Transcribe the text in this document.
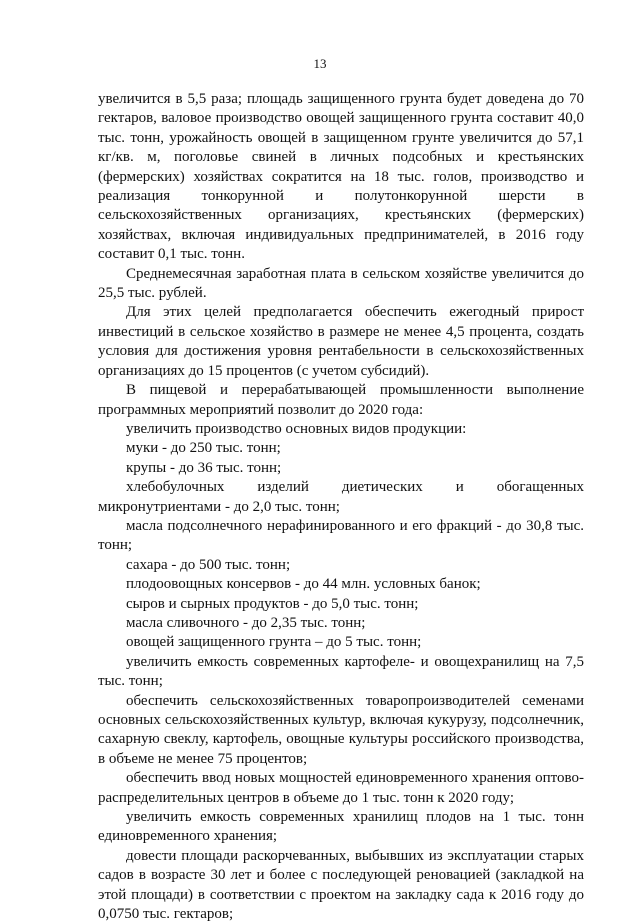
13

увеличится в 5,5 раза; площадь защищенного грунта будет доведена до 70 гектаров, валовое производство овощей защищенного грунта составит 40,0 тыс. тонн, урожайность овощей в защищенном грунте увеличится до 57,1 кг/кв. м, поголовье свиней в личных подсобных и крестьянских (фермерских) хозяйствах сократится на 18 тыс. голов, производство и реализация тонкорунной и полутонкорунной шерсти в сельскохозяйственных организациях, крестьянских (фермерских) хозяйствах, включая индивидуальных предпринимателей, в 2016 году составит 0,1 тыс. тонн.

Среднемесячная заработная плата в сельском хозяйстве увеличится до 25,5 тыс. рублей.

Для этих целей предполагается обеспечить ежегодный прирост инвестиций в сельское хозяйство в размере не менее 4,5 процента, создать условия для достижения уровня рентабельности в сельскохозяйственных организациях до 15 процентов (с учетом субсидий).

В пищевой и перерабатывающей промышленности выполнение программных мероприятий позволит до 2020 года:

увеличить производство основных видов продукции:

муки - до 250 тыс. тонн;

крупы - до 36 тыс. тонн;

хлебобулочных изделий диетических и обогащенных микронутриентами - до 2,0 тыс. тонн;

масла подсолнечного нерафинированного и его фракций - до 30,8 тыс. тонн;

сахара - до 500 тыс. тонн;

плодоовощных консервов - до 44 млн. условных банок;

сыров и сырных продуктов - до 5,0 тыс. тонн;

масла сливочного - до 2,35 тыс. тонн;

овощей защищенного грунта – до 5 тыс. тонн;

увеличить емкость современных картофеле- и овощехранилищ на 7,5 тыс. тонн;

обеспечить сельскохозяйственных товаропроизводителей семенами основных сельскохозяйственных культур, включая кукурузу, подсолнечник, сахарную свеклу, картофель, овощные культуры российского производства, в объеме не менее 75 процентов;

обеспечить ввод новых мощностей единовременного хранения оптово-распределительных центров в объеме до 1 тыс. тонн к 2020 году;

увеличить емкость современных хранилищ плодов на 1 тыс. тонн единовременного хранения;

довести площади раскорчеванных, выбывших из эксплуатации старых садов в возрасте 30 лет и более с последующей реновацией (закладкой на этой площади) в соответствии с проектом на закладку сада к 2016 году до 0,0750 тыс. гектаров;
